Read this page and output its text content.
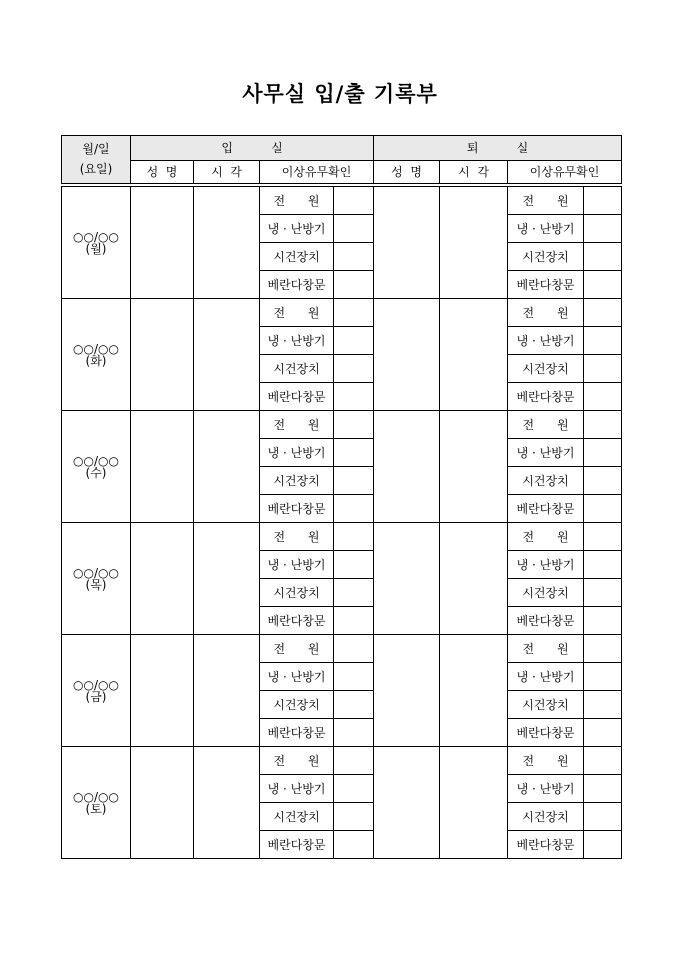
사무실 입/출 기록부
월/일
(요일)	입          실				퇴          실			
	성  명	시  각	이상유무확인		성  명	시  각	이상유무확인	

○○/○○
(월)			전      원				전      원	
			냉 · 난방기				냉 · 난방기	
			시건장치				시건장치	
			베란다창문				베란다창문	
○○/○○
(화)			전      원				전      원	
			냉 · 난방기				냉 · 난방기	
			시건장치				시건장치	
			베란다창문				베란다창문	
○○/○○
(수)			전      원				전      원	
			냉 · 난방기				냉 · 난방기	
			시건장치				시건장치	
			베란다창문				베란다창문	
○○/○○
(목)			전      원				전      원	
			냉 · 난방기				냉 · 난방기	
			시건장치				시건장치	
			베란다창문				베란다창문	
○○/○○
(금)			전      원				전      원	
			냉 · 난방기				냉 · 난방기	
			시건장치				시건장치	
			베란다창문				베란다창문	
○○/○○
(토)			전      원				전      원	
			냉 · 난방기				냉 · 난방기	
			시건장치				시건장치	
			베란다창문				베란다창문	
